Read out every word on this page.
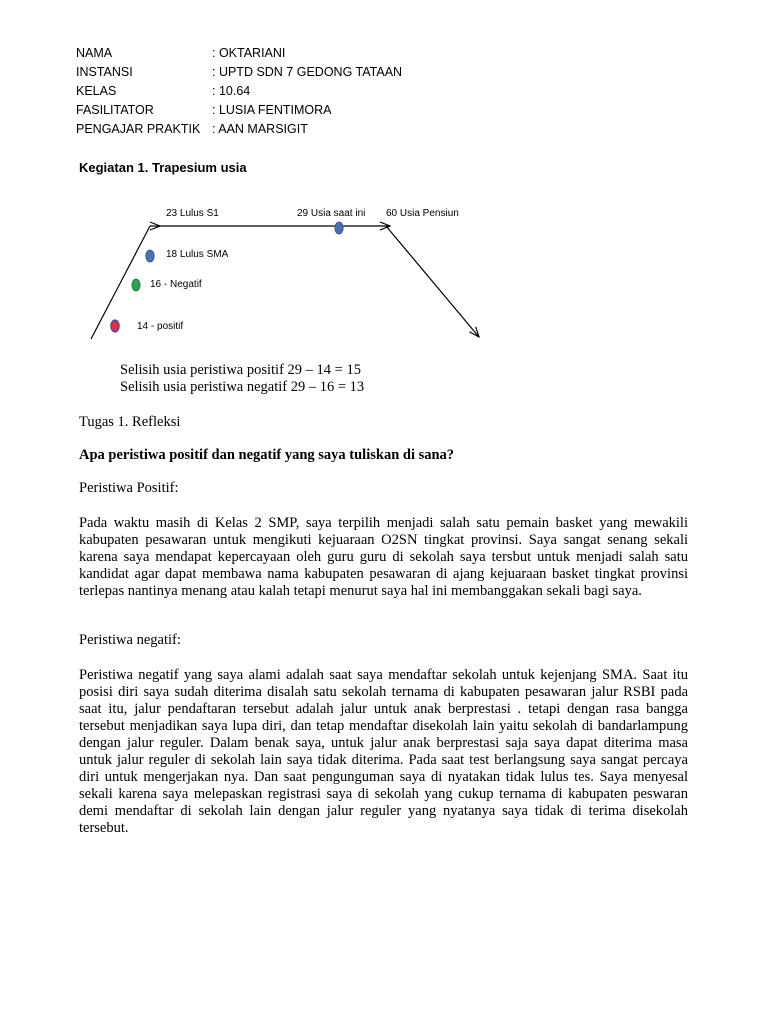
NAMA	: OKTARIANI
INSTANSI	: UPTD SDN 7 GEDONG TATAAN
KELAS	: 10.64
FASILITATOR	: LUSIA FENTIMORA
PENGAJAR PRAKTIK : AAN MARSIGIT
Kegiatan 1. Trapesium usia
23 Lulus S1	29 Usia saat ini 60 Usia Pensiun
18 Lulus SMA
16 - Negatif
14 - positif
Selisih usia peristiwa positif 29 – 14 = 15
Selisih usia peristiwa negatif 29 – 16 = 13
Tugas 1. Refleksi
Apa peristiwa positif dan negatif yang saya tuliskan di sana?
Peristiwa Positif:

Pada waktu masih di Kelas 2 SMP, saya terpilih menjadi salah satu pemain basket yang mewakili kabupaten pesawaran untuk mengikuti kejuaraan O2SN tingkat provinsi. Saya sangat senang sekali karena saya mendapat kepercayaan oleh guru guru di sekolah saya tersbut untuk menjadi salah satu kandidat agar dapat membawa nama kabupaten pesawaran di ajang kejuaraan basket tingkat provinsi terlepas nantinya menang atau kalah tetapi menurut saya hal ini membanggakan sekali bagi saya.

Peristiwa negatif:

Peristiwa negatif yang saya alami adalah saat saya mendaftar sekolah untuk kejenjang SMA. Saat itu posisi diri saya sudah diterima disalah satu sekolah ternama di kabupaten pesawaran jalur RSBI pada saat itu, jalur pendaftaran tersebut adalah jalur untuk anak berprestasi . tetapi dengan rasa bangga tersebut menjadikan saya lupa diri, dan tetap mendaftar disekolah lain yaitu sekolah di bandarlampung dengan jalur reguler. Dalam benak saya, untuk jalur anak berprestasi saja saya dapat diterima masa untuk jalur reguler di sekolah lain saya tidak diterima. Pada saat test berlangsung saya sangat percaya diri untuk mengerjakan nya. Dan saat pengunguman saya di nyatakan tidak lulus tes. Saya menyesal sekali karena saya melepaskan registrasi saya di sekolah yang cukup ternama di kabupaten peswaran demi mendaftar di sekolah lain dengan jalur reguler yang nyatanya saya tidak di terima disekolah tersebut.
